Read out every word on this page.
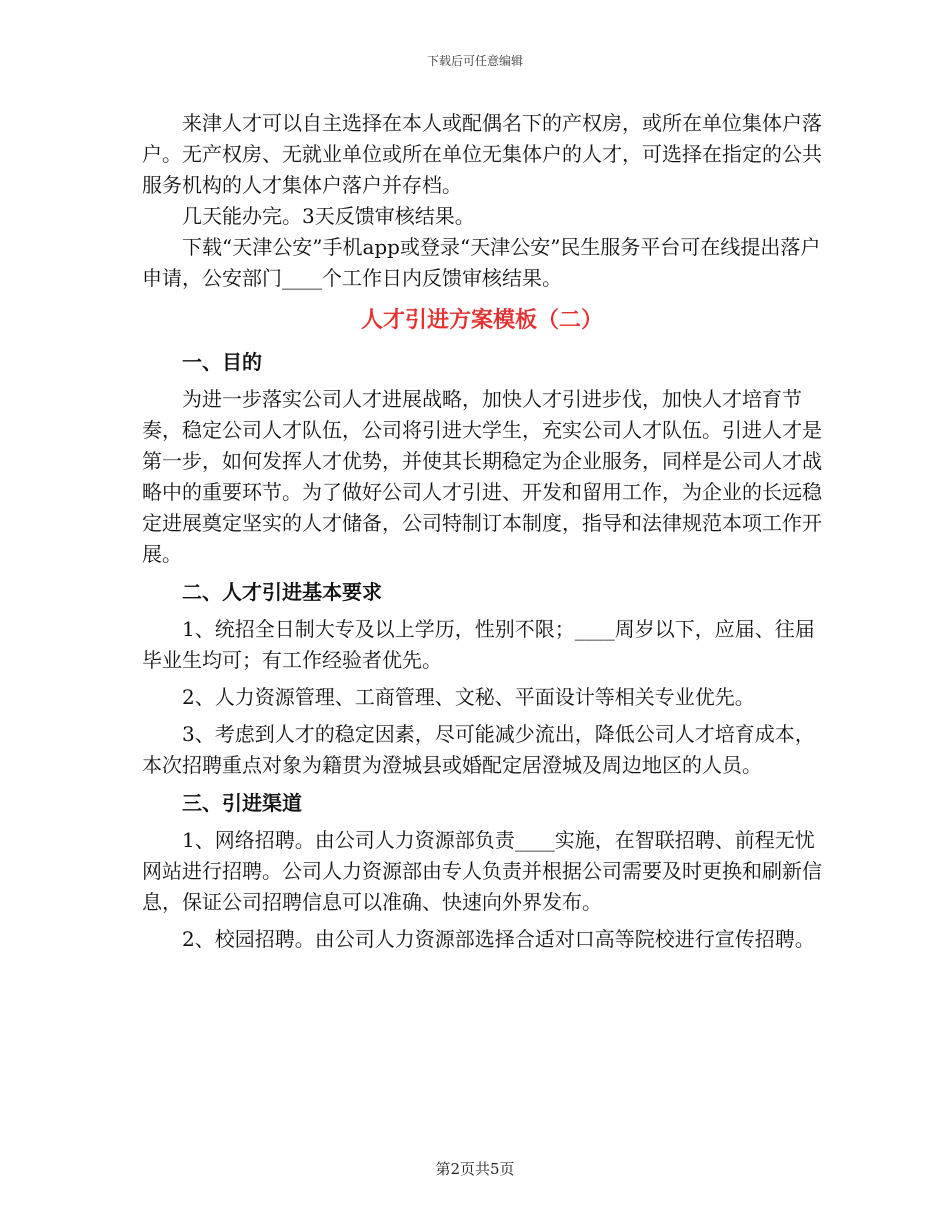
下载后可任意编辑

来津人才可以自主选择在本人或配偶名下的产权房，或所在单位集体户落户。无产权房、无就业单位或所在单位无集体户的人才，可选择在指定的公共服务机构的人才集体户落户并存档。

几天能办完。3天反馈审核结果。

下载“天津公安”手机app或登录“天津公安”民生服务平台可在线提出落户申请，公安部门____个工作日内反馈审核结果。

人才引进方案模板（二）
一、目的

为进一步落实公司人才进展战略，加快人才引进步伐，加快人才培育节奏，稳定公司人才队伍，公司将引进大学生，充实公司人才队伍。引进人才是第一步，如何发挥人才优势，并使其长期稳定为企业服务，同样是公司人才战略中的重要环节。为了做好公司人才引进、开发和留用工作，为企业的长远稳定进展奠定坚实的人才储备，公司特制订本制度，指导和法律规范本项工作开展。

二、人才引进基本要求

1、统招全日制大专及以上学历，性别不限；____周岁以下，应届、往届毕业生均可；有工作经验者优先。

2、人力资源管理、工商管理、文秘、平面设计等相关专业优先。

3、考虑到人才的稳定因素，尽可能减少流出，降低公司人才培育成本，本次招聘重点对象为籍贯为澄城县或婚配定居澄城及周边地区的人员。

三、引进渠道

1、网络招聘。由公司人力资源部负责____实施，在智联招聘、前程无忧网站进行招聘。公司人力资源部由专人负责并根据公司需要及时更换和刷新信息，保证公司招聘信息可以准确、快速向外界发布。

2、校园招聘。由公司人力资源部选择合适对口高等院校进行宣传招聘。

第2页共5页
